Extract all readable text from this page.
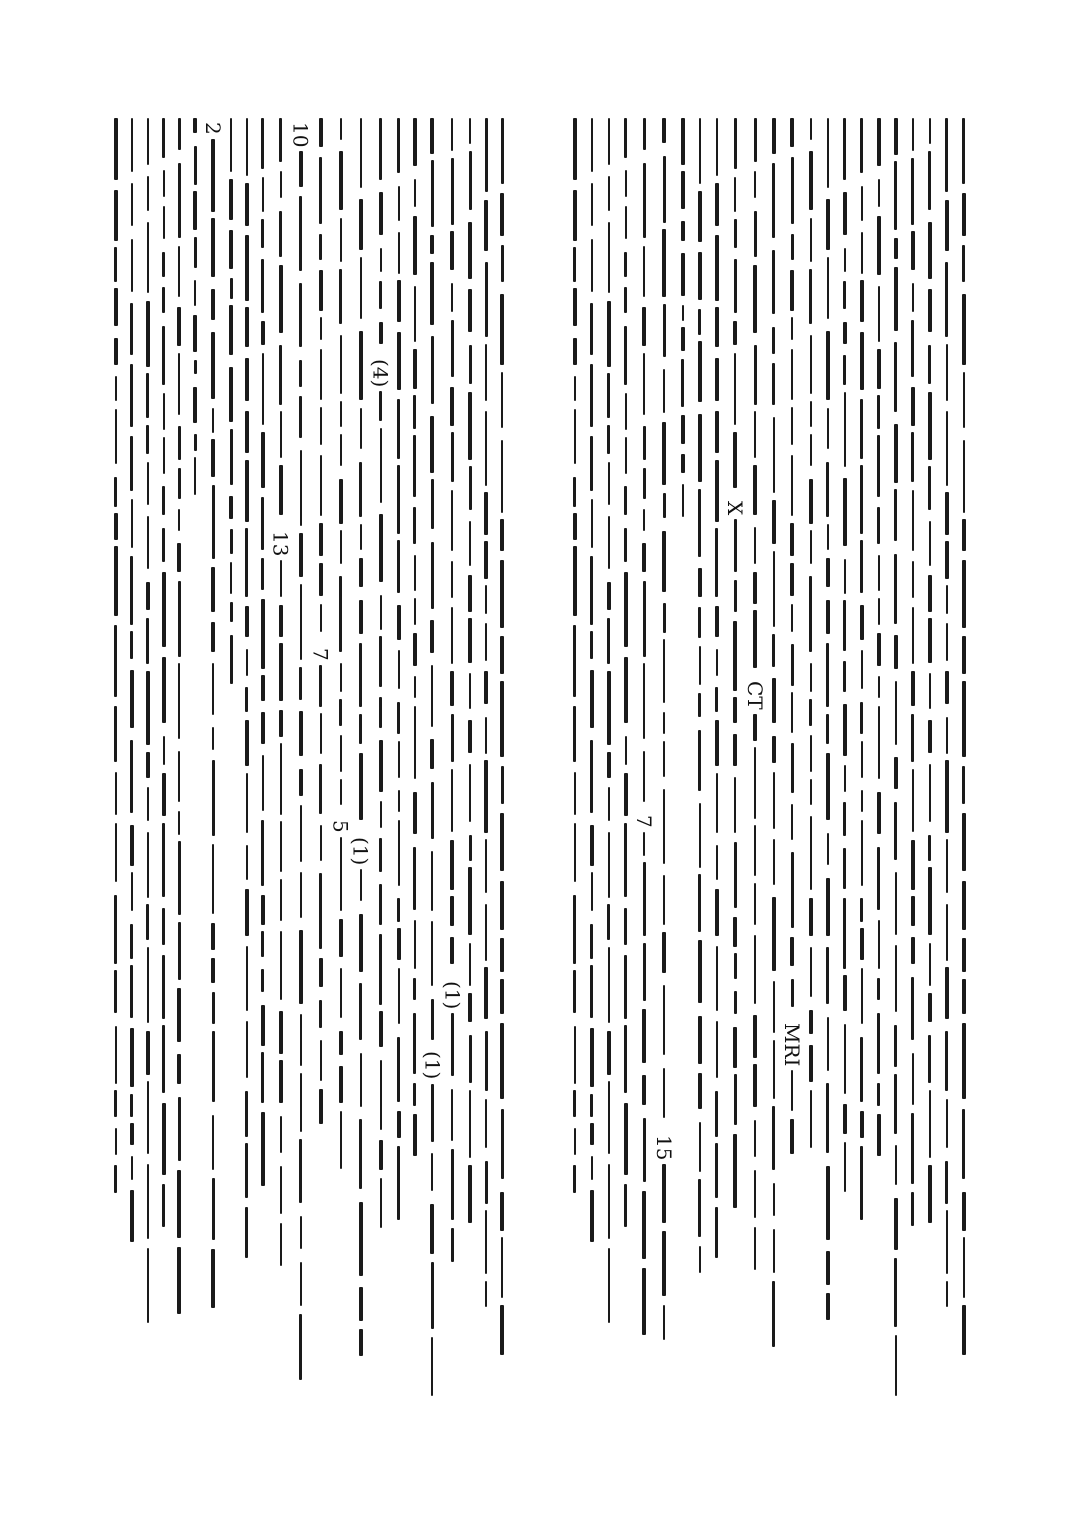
2
13
10
7
5
(1)
(4)
(1)
(1)
7
15
X
CT
MRI
